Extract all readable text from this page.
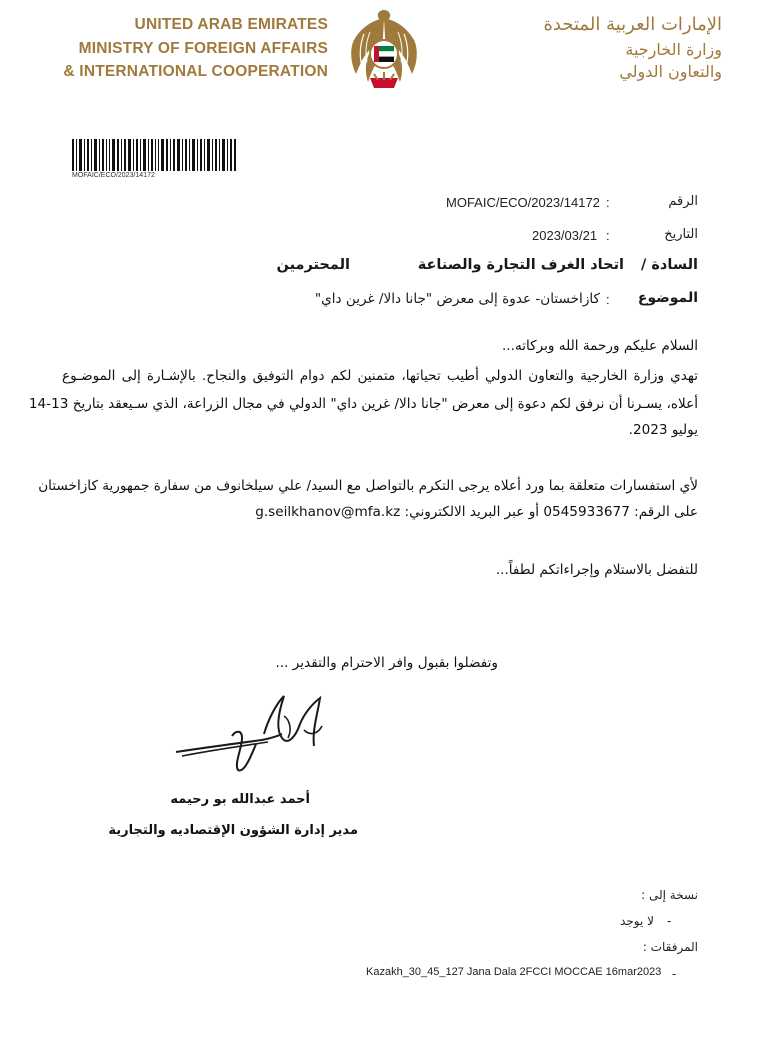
UNITED ARAB EMIRATES
MINISTRY OF FOREIGN AFFAIRS
& INTERNATIONAL COOPERATION
الإمارات العربية المتحدة
وزارة الخارجية
والتعاون الدولي
MOFAIC/ECO/2023/14172
الرقم
:
MOFAIC/ECO/2023/14172
التاريخ
:
2023/03/21
السادة /
اتحاد الغرف التجارة والصناعة
المحترمين
الموضوع
:
كازاخستان- عدوة إلى معرض "جانا دالا/ غرين داي"
السلام عليكم ورحمة الله وبركاته...
تهدي وزارة الخارجية والتعاون الدولي أطيب تحياتها، متمنين لكم دوام التوفيق والنجاح. بالإشـارة إلى الموضـوع
أعلاه، يسـرنا أن نرفق لكم دعوة إلى معرض "جانا دالا/ غرين داي" الدولي في مجال الزراعة، الذي سـيعقد بتاريخ 13-14
يوليو 2023.
لأي استفسارات متعلقة بما ورد أعلاه يرجى التكرم بالتواصل مع السيد/ علي سيلخانوف من سفارة جمهورية كازاخستان
على الرقم: 0545933677 أو عبر البريد الالكتروني: g.seilkhanov@mfa.kz
للتفضل بالاستلام وإجراءاتكم لطفاً...
وتفضلوا بقبول وافر الاحترام والتقدير ...
أحمد عبدالله بو رحيمه
مدير إدارة الشؤون الإقتصاديه والتجارية
نسخة إلى :
-
لا يوجد
المرفقات :
-
Kazakh_30_45_127 Jana Dala 2FCCI MOCCAE 16mar2023
